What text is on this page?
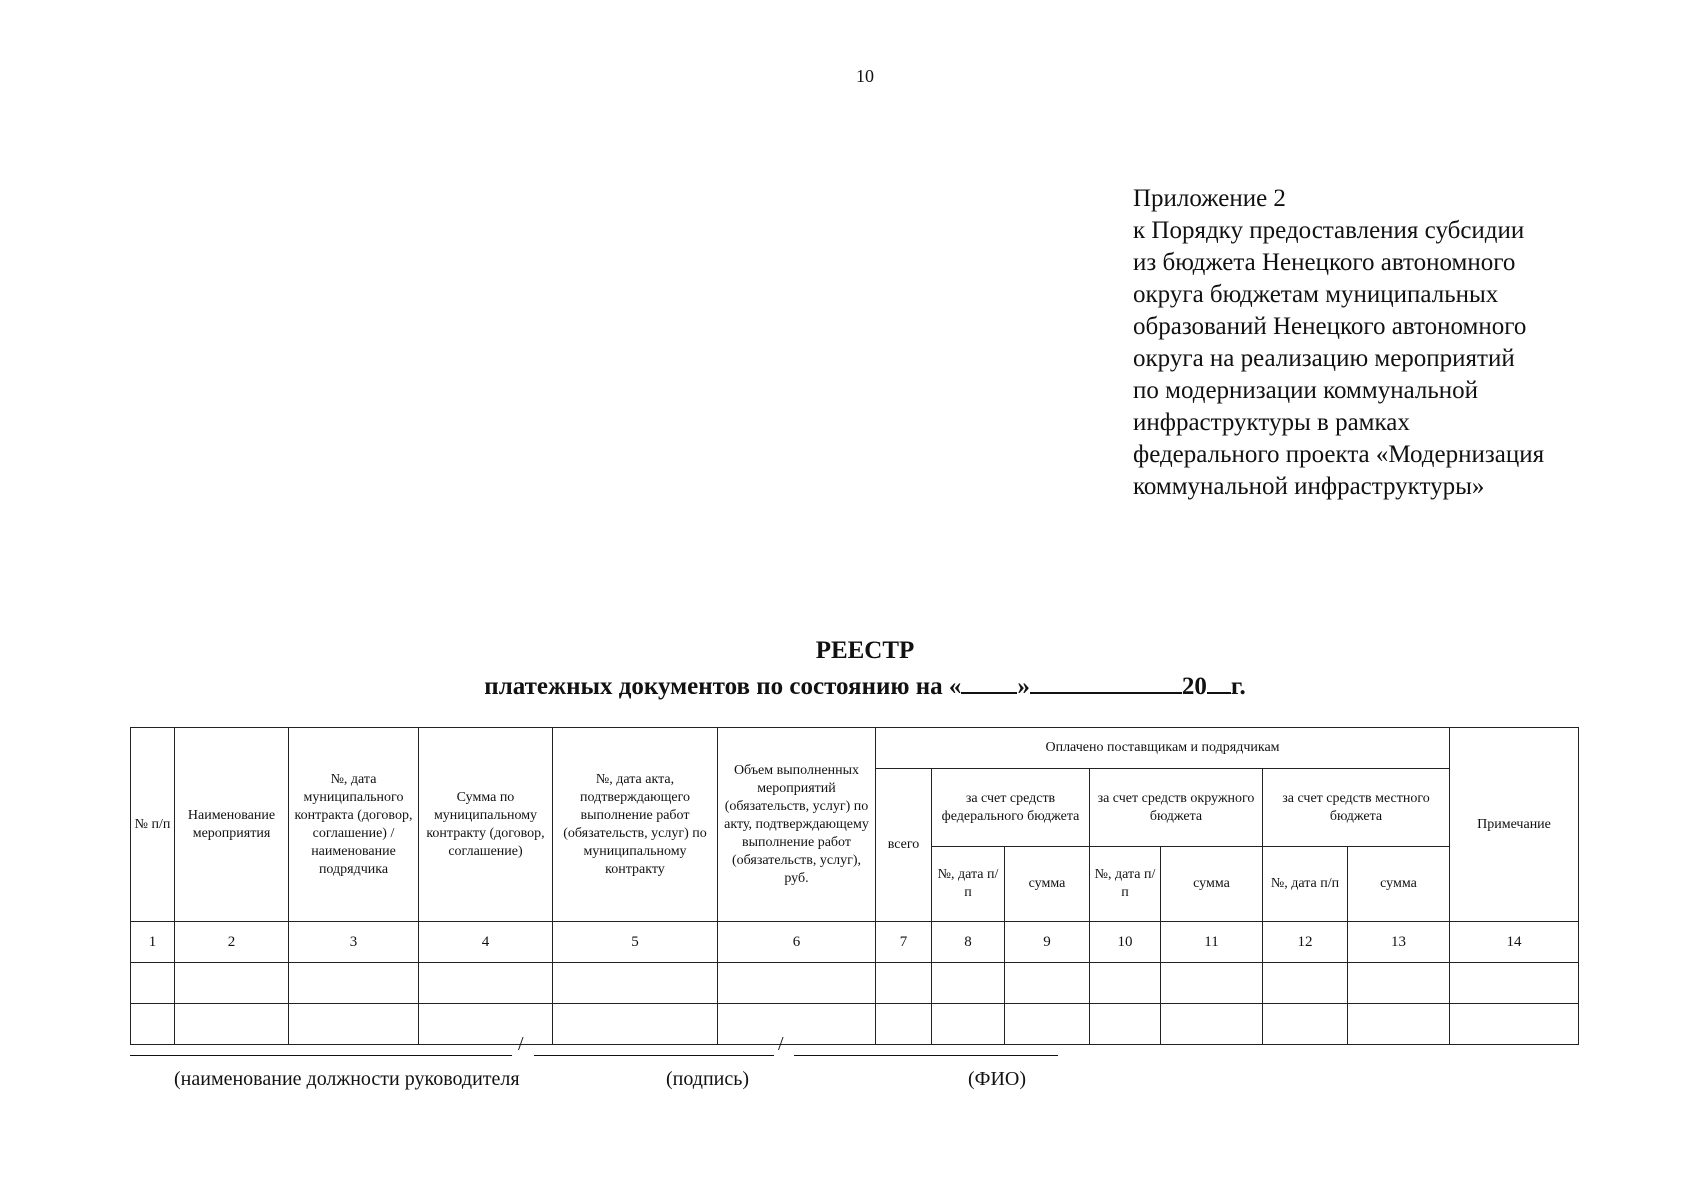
10
Приложение 2
к Порядку предоставления субсидии
из бюджета Ненецкого автономного
округа бюджетам муниципальных
образований Ненецкого автономного
округа на реализацию мероприятий
по модернизации коммунальной
инфраструктуры в рамках
федерального проекта «Модернизация
коммунальной инфраструктуры»
РЕЕСТР
платежных документов по состоянию на « »	20 г.
№ п/п	Наименование мероприятия	№, дата муниципального контракта (договор, соглашение) / наименование подрядчика	Сумма по муниципальному контракту (договор, соглашение)	№, дата акта, подтверждающего выполнение работ (обязательств, услуг) по муниципальному контракту	Объем выполненных мероприятий (обязательств, услуг) по акту, подтверждающему выполнение работ (обязательств, услуг), руб.	Оплачено поставщикам и подрядчикам							Примечание
						всего	за счет средств федерального бюджета		за счет средств окружного бюджета		за счет средств местного бюджета		
							№, дата п/п	сумма	№, дата п/п	сумма	№, дата п/п	сумма	
1	2	3	4	5	6	7	8	9	10	11	12	13	14

/	/
(наименование должности руководителя	(подпись)	(ФИО)
